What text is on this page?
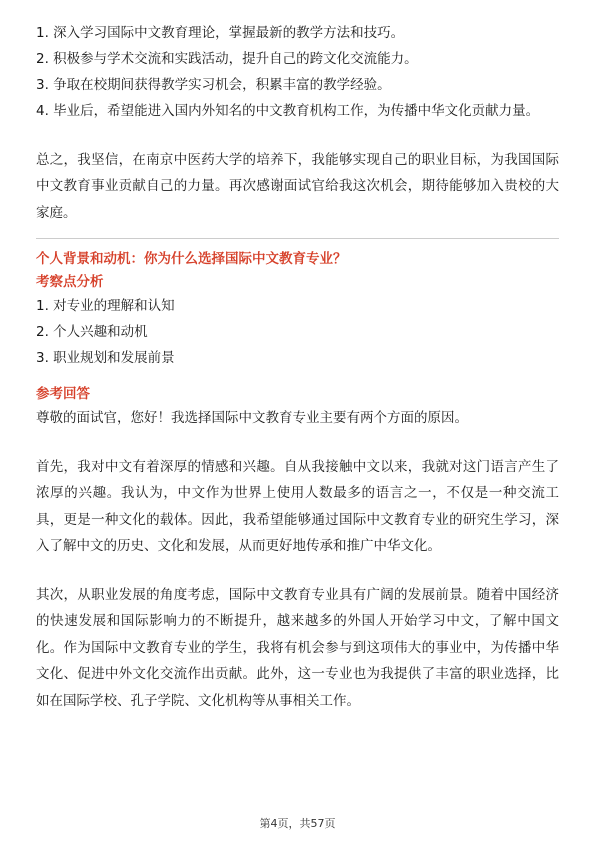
1. 深入学习国际中文教育理论，掌握最新的教学方法和技巧。

2. 积极参与学术交流和实践活动，提升自己的跨文化交流能力。

3. 争取在校期间获得教学实习机会，积累丰富的教学经验。

4. 毕业后，希望能进入国内外知名的中文教育机构工作，为传播中华文化贡献力量。

总之，我坚信，在南京中医药大学的培养下，我能够实现自己的职业目标，为我国国际中文教育事业贡献自己的力量。再次感谢面试官给我这次机会，期待能够加入贵校的大家庭。

个人背景和动机：你为什么选择国际中文教育专业？

考察点分析

1. 对专业的理解和认知

2. 个人兴趣和动机

3. 职业规划和发展前景

参考回答

尊敬的面试官，您好！我选择国际中文教育专业主要有两个方面的原因。

首先，我对中文有着深厚的情感和兴趣。自从我接触中文以来，我就对这门语言产生了浓厚的兴趣。我认为，中文作为世界上使用人数最多的语言之一，不仅是一种交流工具，更是一种文化的载体。因此，我希望能够通过国际中文教育专业的研究生学习，深入了解中文的历史、文化和发展，从而更好地传承和推广中华文化。

其次，从职业发展的角度考虑，国际中文教育专业具有广阔的发展前景。随着中国经济的快速发展和国际影响力的不断提升，越来越多的外国人开始学习中文，了解中国文化。作为国际中文教育专业的学生，我将有机会参与到这项伟大的事业中，为传播中华文化、促进中外文化交流作出贡献。此外，这一专业也为我提供了丰富的职业选择，比如在国际学校、孔子学院、文化机构等从事相关工作。

第4页，共57页
